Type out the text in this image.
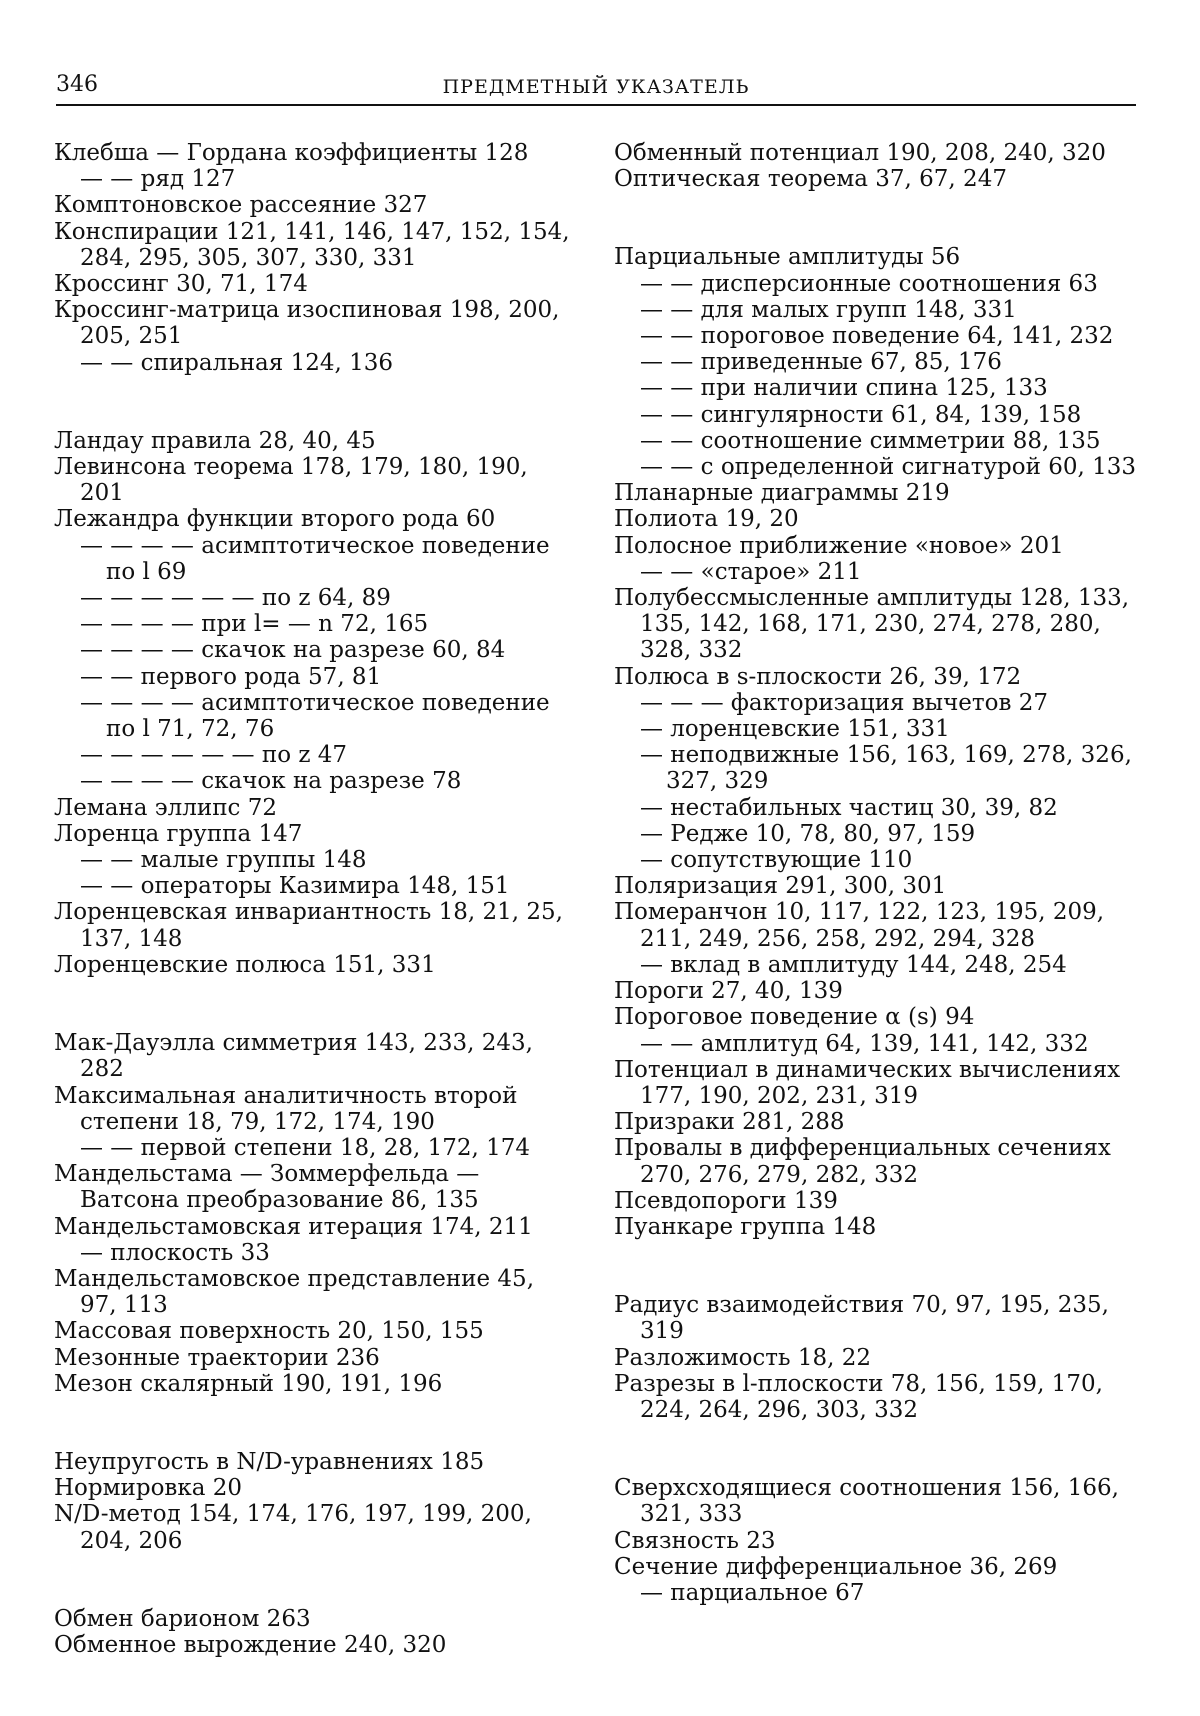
346	ПРЕДМЕТНЫЙ УКАЗАТЕЛЬ

Клебша — Гордана коэффициенты 128

— — ряд 127

Комптоновское рассеяние 327

Конспирации 121, 141, 146, 147, 152, 154, 284, 295, 305, 307, 330, 331

Кроссинг 30, 71, 174

Кроссинг-матрица изоспиновая 198, 200, 205, 251

— — спиральная 124, 136

Ландау правила 28, 40, 45

Левинсона теорема 178, 179, 180, 190, 201

Лежандра функции второго рода 60

— — — — асимптотическое поведение по l 69

— — — — — — по z 64, 89

— — — — при l= — n 72, 165

— — — — скачок на разрезе 60, 84

— — первого рода 57, 81

— — — — асимптотическое поведение по l 71, 72, 76

— — — — — — по z 47

— — — — скачок на разрезе 78

Лемана эллипс 72

Лоренца группа 147

— — малые группы 148

— — операторы Казимира 148, 151

Лоренцевская инвариантность 18, 21, 25, 137, 148

Лоренцевские полюса 151, 331

Мак-Дауэлла симметрия 143, 233, 243, 282

Максимальная аналитичность второй степени 18, 79, 172, 174, 190

— — первой степени 18, 28, 172, 174

Мандельстама — Зоммерфельда — Ватсона преобразование 86, 135

Мандельстамовская итерация 174, 211

— плоскость 33

Мандельстамовское представление 45, 97, 113

Массовая поверхность 20, 150, 155

Мезонные траектории 236

Мезон скалярный 190, 191, 196

Неупругость в N/D-уравнениях 185

Нормировка 20

N/D-метод 154, 174, 176, 197, 199, 200, 204, 206

Обмен барионом 263

Обменное вырождение 240, 320

Обменный потенциал 190, 208, 240, 320

Оптическая теорема 37, 67, 247

Парциальные амплитуды 56

— — дисперсионные соотношения 63

— — для малых групп 148, 331

— — пороговое поведение 64, 141, 232

— — приведенные 67, 85, 176

— — при наличии спина 125, 133

— — сингулярности 61, 84, 139, 158

— — соотношение симметрии 88, 135

— — с определенной сигнатурой 60, 133

Планарные диаграммы 219

Полиота 19, 20

Полосное приближение «новое» 201

— — «старое» 211

Полубессмысленные амплитуды 128, 133, 135, 142, 168, 171, 230, 274, 278, 280, 328, 332

Полюса в s-плоскости 26, 39, 172

— — — факторизация вычетов 27

— лоренцевские 151, 331

— неподвижные 156, 163, 169, 278, 326, 327, 329

— нестабильных частиц 30, 39, 82

— Редже 10, 78, 80, 97, 159

— сопутствующие 110

Поляризация 291, 300, 301

Померанчон 10, 117, 122, 123, 195, 209, 211, 249, 256, 258, 292, 294, 328

— вклад в амплитуду 144, 248, 254

Пороги 27, 40, 139

Пороговое поведение α (s) 94

— — амплитуд 64, 139, 141, 142, 332

Потенциал в динамических вычислениях 177, 190, 202, 231, 319

Призраки 281, 288

Провалы в дифференциальных сечениях 270, 276, 279, 282, 332

Псевдопороги 139

Пуанкаре группа 148

Радиус взаимодействия 70, 97, 195, 235, 319

Разложимость 18, 22

Разрезы в l-плоскости 78, 156, 159, 170, 224, 264, 296, 303, 332

Сверхсходящиеся соотношения 156, 166, 321, 333

Связность 23

Сечение дифференциальное 36, 269

— парциальное 67
